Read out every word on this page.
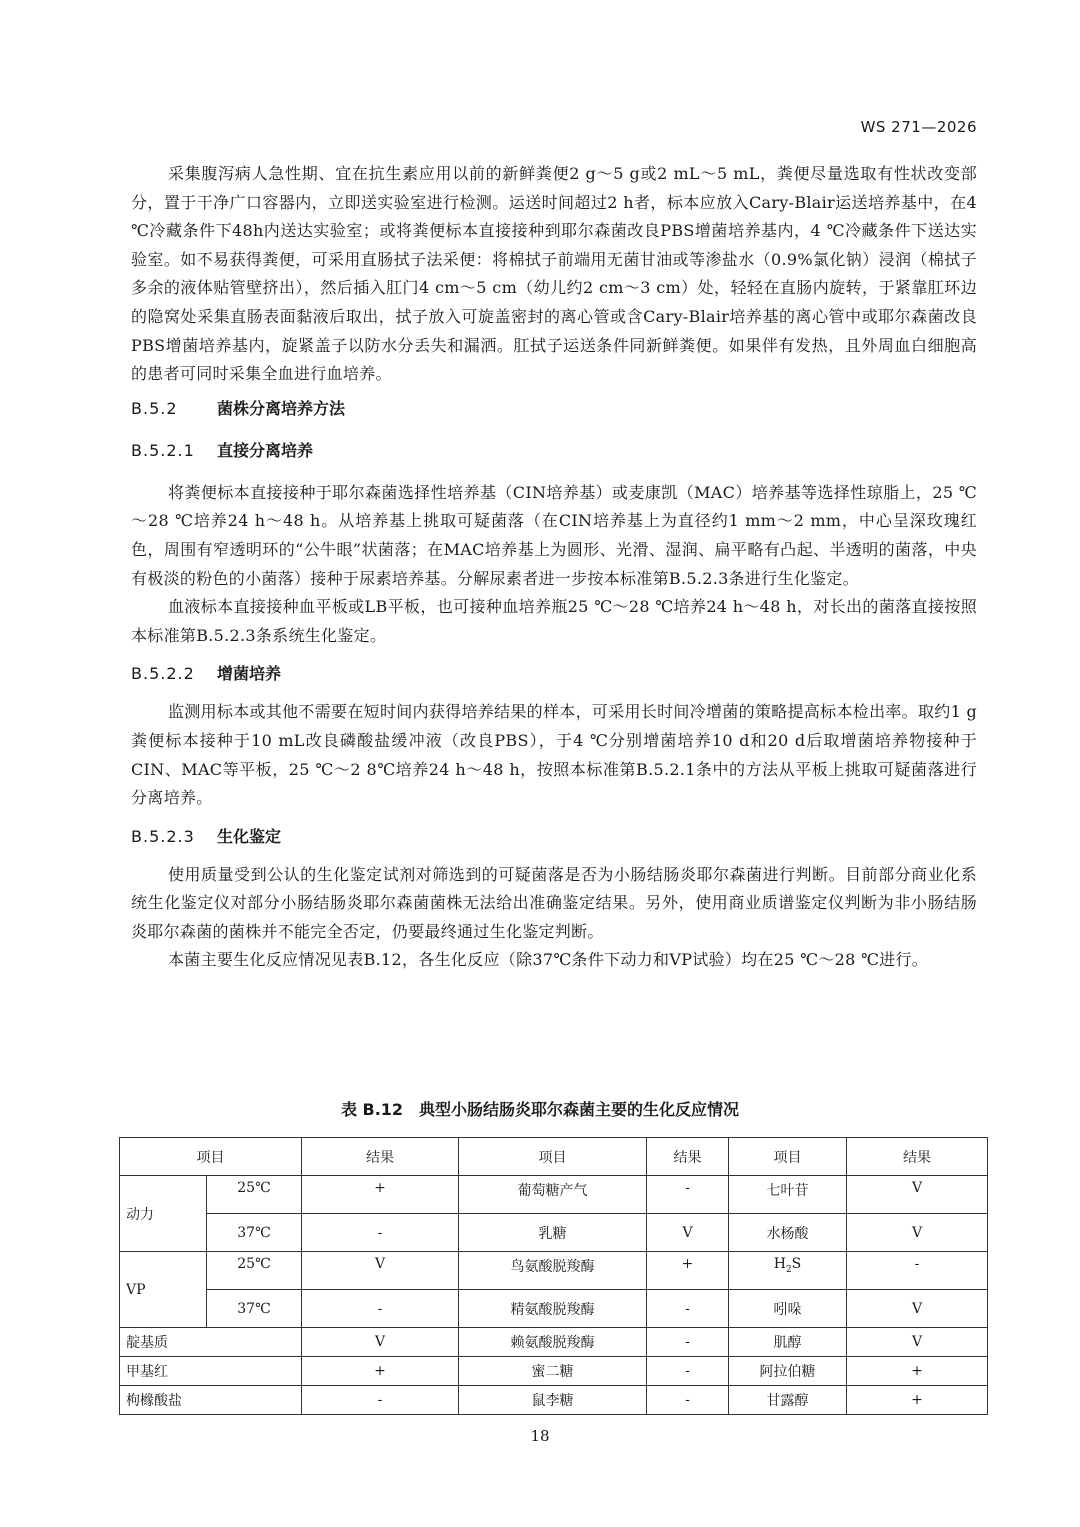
WS 271—2026

采集腹泻病人急性期、宜在抗生素应用以前的新鲜粪便2 g～5 g或2 mL～5 mL，粪便尽量选取有性状改变部分，置于干净广口容器内，立即送实验室进行检测。运送时间超过2 h者，标本应放入Cary-Blair运送培养基中，在4 ℃冷藏条件下48h内送达实验室；或将粪便标本直接接种到耶尔森菌改良PBS增菌培养基内，4 ℃冷藏条件下送达实验室。如不易获得粪便，可采用直肠拭子法采便：将棉拭子前端用无菌甘油或等渗盐水（0.9%氯化钠）浸润（棉拭子多余的液体贴管壁挤出），然后插入肛门4 cm～5 cm（幼儿约2 cm～3 cm）处，轻轻在直肠内旋转，于紧靠肛环边的隐窝处采集直肠表面黏液后取出，拭子放入可旋盖密封的离心管或含Cary-Blair培养基的离心管中或耶尔森菌改良PBS增菌培养基内，旋紧盖子以防水分丢失和漏洒。肛拭子运送条件同新鲜粪便。如果伴有发热，且外周血白细胞高的患者可同时采集全血进行血培养。

B.5.2 菌株分离培养方法
B.5.2.1 直接分离培养

将粪便标本直接接种于耶尔森菌选择性培养基（CIN培养基）或麦康凯（MAC）培养基等选择性琼脂上，25 ℃～28 ℃培养24 h～48 h。从培养基上挑取可疑菌落（在CIN培养基上为直径约1 mm～2 mm，中心呈深玫瑰红色，周围有窄透明环的“公牛眼”状菌落；在MAC培养基上为圆形、光滑、湿润、扁平略有凸起、半透明的菌落，中央有极淡的粉色的小菌落）接种于尿素培养基。分解尿素者进一步按本标准第B.5.2.3条进行生化鉴定。

血液标本直接接种血平板或LB平板，也可接种血培养瓶25 ℃～28 ℃培养24 h～48 h，对长出的菌落直接按照本标准第B.5.2.3条系统生化鉴定。

B.5.2.2 增菌培养

监测用标本或其他不需要在短时间内获得培养结果的样本，可采用长时间冷增菌的策略提高标本检出率。取约1 g粪便标本接种于10 mL改良磷酸盐缓冲液（改良PBS），于4 ℃分别增菌培养10 d和20 d后取增菌培养物接种于CIN、MAC等平板，25 ℃～2 8℃培养24 h～48 h，按照本标准第B.5.2.1条中的方法从平板上挑取可疑菌落进行分离培养。

B.5.2.3 生化鉴定

使用质量受到公认的生化鉴定试剂对筛选到的可疑菌落是否为小肠结肠炎耶尔森菌进行判断。目前部分商业化系统生化鉴定仪对部分小肠结肠炎耶尔森菌菌株无法给出准确鉴定结果。另外，使用商业质谱鉴定仪判断为非小肠结肠炎耶尔森菌的菌株并不能完全否定，仍要最终通过生化鉴定判断。

本菌主要生化反应情况见表B.12，各生化反应（除37℃条件下动力和VP试验）均在25 ℃～28 ℃进行。

表 B.12　典型小肠结肠炎耶尔森菌主要的生化反应情况
项目		结果	项目	结果	项目	结果
动力	25℃	+	葡萄糖产气	-	七叶苷	V
	37℃	-	乳糖	V	水杨酸	V
VP	25℃	V	鸟氨酸脱羧酶	+	$H_2S$	-
	37℃	-	精氨酸脱羧酶	-	吲哚	V
靛基质		V	赖氨酸脱羧酶	-	肌醇	V
甲基红		+	蜜二糖	-	阿拉伯糖	+
枸橼酸盐		-	鼠李糖	-	甘露醇	+
18
